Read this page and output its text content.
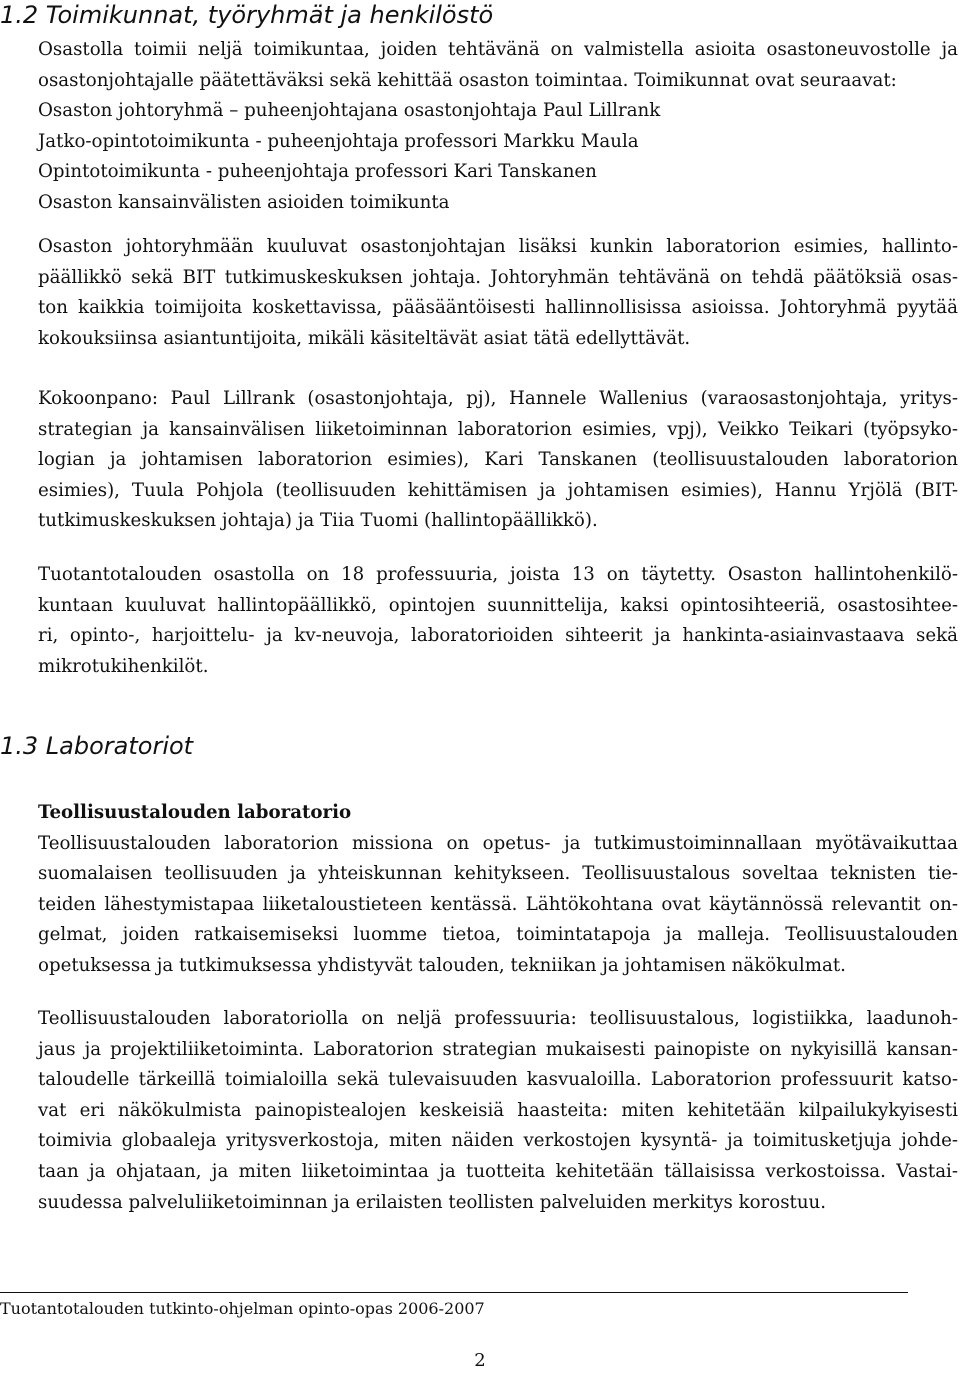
1.2 Toimikunnat, työryhmät ja henkilöstö
Osastolla toimii neljä toimikuntaa, joiden tehtävänä on valmistella asioita osastoneuvostolle ja
osastonjohtajalle päätettäväksi sekä kehittää osaston toimintaa. Toimikunnat ovat seuraavat:
Osaston johtoryhmä – puheenjohtajana osastonjohtaja Paul Lillrank
Jatko-opintotoimikunta - puheenjohtaja professori Markku Maula
Opintotoimikunta - puheenjohtaja professori Kari Tanskanen
Osaston kansainvälisten asioiden toimikunta
Osaston johtoryhmään kuuluvat osastonjohtajan lisäksi kunkin laboratorion esimies, hallinto-
päällikkö sekä BIT tutkimuskeskuksen johtaja. Johtoryhmän tehtävänä on tehdä päätöksiä osas-
ton kaikkia toimijoita koskettavissa, pääsääntöisesti hallinnollisissa asioissa. Johtoryhmä pyytää
kokouksiinsa asiantuntijoita, mikäli käsiteltävät asiat tätä edellyttävät.
Kokoonpano: Paul Lillrank (osastonjohtaja, pj), Hannele Wallenius (varaosastonjohtaja, yritys-
strategian ja kansainvälisen liiketoiminnan laboratorion esimies, vpj), Veikko Teikari (työpsyko-
logian ja johtamisen laboratorion esimies), Kari Tanskanen (teollisuustalouden laboratorion
esimies), Tuula Pohjola (teollisuuden kehittämisen ja johtamisen esimies), Hannu Yrjölä (BIT-
tutkimuskeskuksen johtaja) ja Tiia Tuomi (hallintopäällikkö).
Tuotantotalouden osastolla on 18 professuuria, joista 13 on täytetty. Osaston hallintohenkilö-
kuntaan kuuluvat hallintopäällikkö, opintojen suunnittelija, kaksi opintosihteeriä, osastosihtee-
ri, opinto-, harjoittelu- ja kv-neuvoja, laboratorioiden sihteerit ja hankinta-asiainvastaava sekä
mikrotukihenkilöt.
1.3 Laboratoriot
Teollisuustalouden laboratorio
Teollisuustalouden laboratorion missiona on opetus- ja tutkimustoiminnallaan myötävaikuttaa
suomalaisen teollisuuden ja yhteiskunnan kehitykseen. Teollisuustalous soveltaa teknisten tie-
teiden lähestymistapaa liiketaloustieteen kentässä. Lähtökohtana ovat käytännössä relevantit on-
gelmat, joiden ratkaisemiseksi luomme tietoa, toimintatapoja ja malleja. Teollisuustalouden
opetuksessa ja tutkimuksessa yhdistyvät talouden, tekniikan ja johtamisen näkökulmat.
Teollisuustalouden laboratoriolla on neljä professuuria: teollisuustalous, logistiikka, laadunoh-
jaus ja projektiliiketoiminta. Laboratorion strategian mukaisesti painopiste on nykyisillä kansan-
taloudelle tärkeillä toimialoilla sekä tulevaisuuden kasvualoilla. Laboratorion professuurit katso-
vat eri näkökulmista painopistealojen keskeisiä haasteita: miten kehitetään kilpailukykyisesti
toimivia globaaleja yritysverkostoja, miten näiden verkostojen kysyntä- ja toimitusketjuja johde-
taan ja ohjataan, ja miten liiketoimintaa ja tuotteita kehitetään tällaisissa verkostoissa. Vastai-
suudessa palveluliiketoiminnan ja erilaisten teollisten palveluiden merkitys korostuu.
Tuotantotalouden tutkinto-ohjelman opinto-opas 2006-2007
2
